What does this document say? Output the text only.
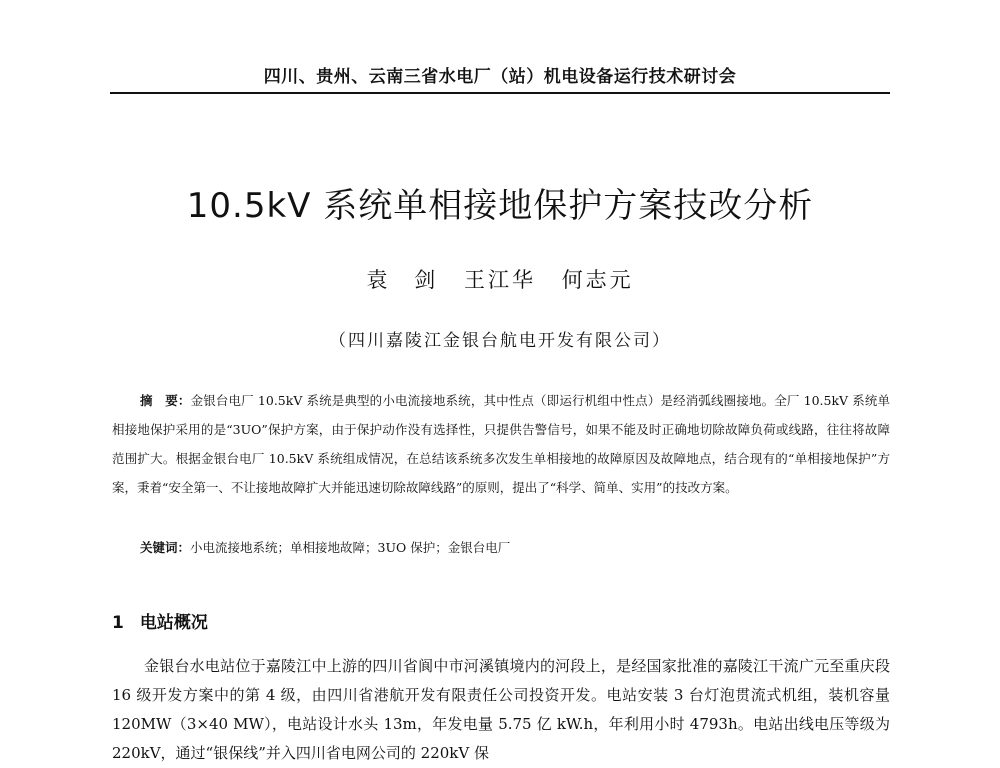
四川、贵州、云南三省水电厂（站）机电设备运行技术研讨会
10.5kV 系统单相接地保护方案技改分析
袁　剑 王江华 何志元
（四川嘉陵江金银台航电开发有限公司）
摘　要：金银台电厂 10.5kV 系统是典型的小电流接地系统，其中性点（即运行机组中性点）是经消弧线圈接地。全厂 10.5kV 系统单相接地保护采用的是“3UO”保护方案，由于保护动作没有选择性，只提供告警信号，如果不能及时正确地切除故障负荷或线路，往往将故障范围扩大。根据金银台电厂 10.5kV 系统组成情况，在总结该系统多次发生单相接地的故障原因及故障地点，结合现有的“单相接地保护”方案，秉着“安全第一、不让接地故障扩大并能迅速切除故障线路”的原则，提出了“科学、简单、实用”的技改方案。
关键词：小电流接地系统；单相接地故障；3UO 保护；金银台电厂
1 电站概况
金银台水电站位于嘉陵江中上游的四川省阆中市河溪镇境内的河段上，是经国家批准的嘉陵江干流广元至重庆段 16 级开发方案中的第 4 级，由四川省港航开发有限责任公司投资开发。电站安装 3 台灯泡贯流式机组，装机容量 120MW（3×40 MW），电站设计水头 13m，年发电量 5.75 亿 kW.h，年利用小时 4793h。电站出线电压等级为 220kV，通过“银保线”并入四川省电网公司的 220kV 保
